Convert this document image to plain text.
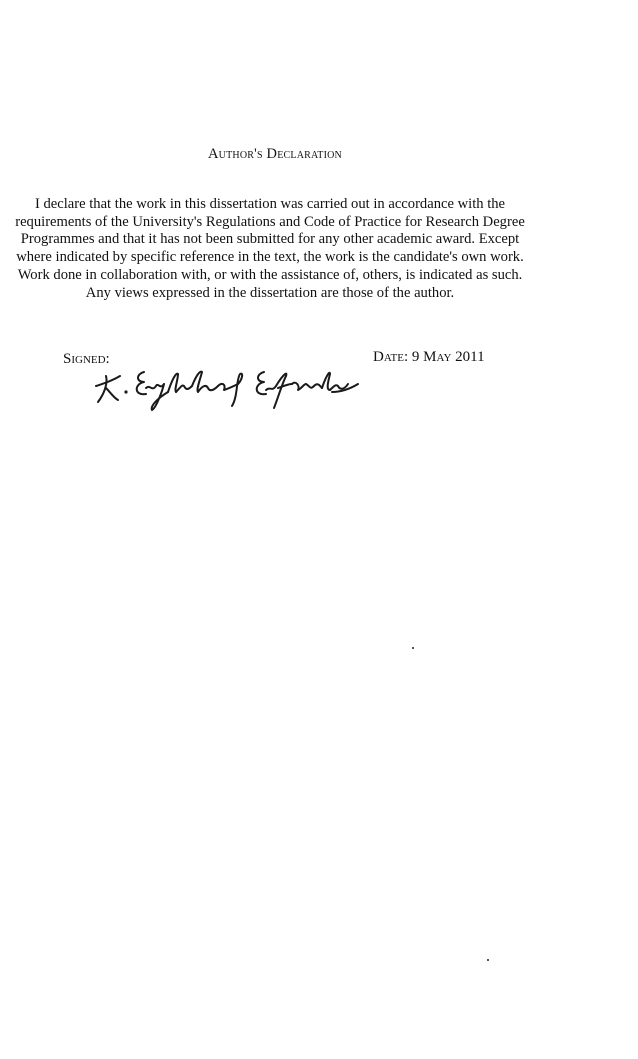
Author's Declaration
I declare that the work in this dissertation was carried out in accordance with the
requirements of the University's Regulations and Code of Practice for Research Degree
Programmes and that it has not been submitted for any other academic award. Except
where indicated by specific reference in the text, the work is the candidate's own work.
Work done in collaboration with, or with the assistance of, others, is indicated as such.
Any views expressed in the dissertation are those of the author.
Signed:	Date: 9 May 2011
